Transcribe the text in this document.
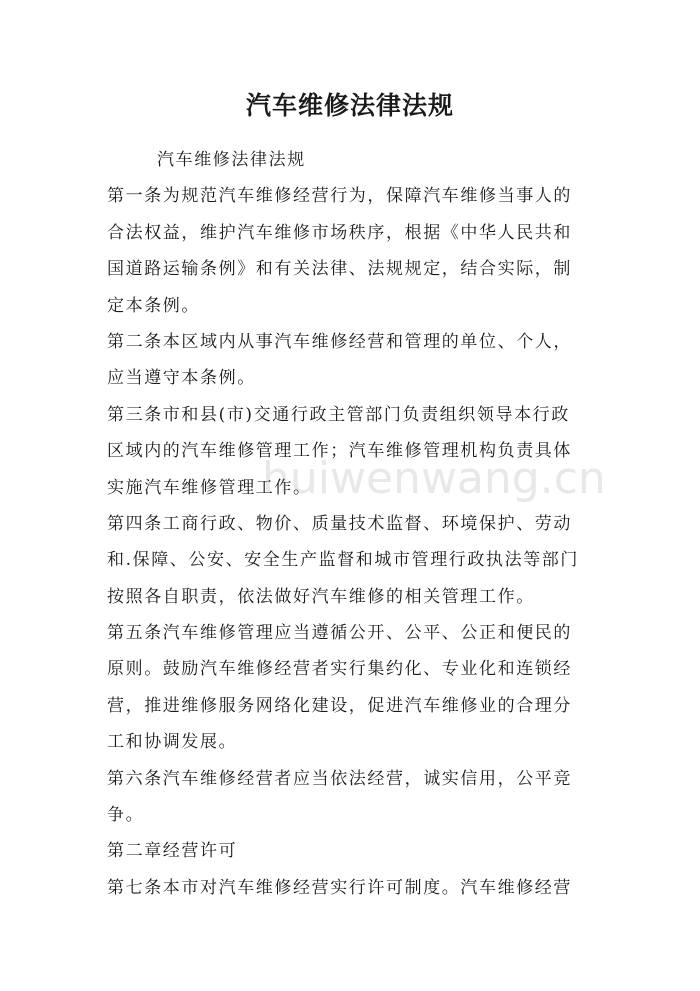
汽车维修法律法规
汽车维修法律法规
第一条为规范汽车维修经营行为，保障汽车维修当事人的
合法权益，维护汽车维修市场秩序，根据《中华人民共和
国道路运输条例》和有关法律、法规规定，结合实际，制
定本条例。
第二条本区域内从事汽车维修经营和管理的单位、个人，
应当遵守本条例。
第三条市和县(市)交通行政主管部门负责组织领导本行政
区域内的汽车维修管理工作；汽车维修管理机构负责具体
实施汽车维修管理工作。
第四条工商行政、物价、质量技术监督、环境保护、劳动
和.保障、公安、安全生产监督和城市管理行政执法等部门
按照各自职责，依法做好汽车维修的相关管理工作。
第五条汽车维修管理应当遵循公开、公平、公正和便民的
原则。鼓励汽车维修经营者实行集约化、专业化和连锁经
营，推进维修服务网络化建设，促进汽车维修业的合理分
工和协调发展。
第六条汽车维修经营者应当依法经营，诚实信用，公平竞
争。
第二章经营许可
第七条本市对汽车维修经营实行许可制度。汽车维修经营
huiwenwang.cn
